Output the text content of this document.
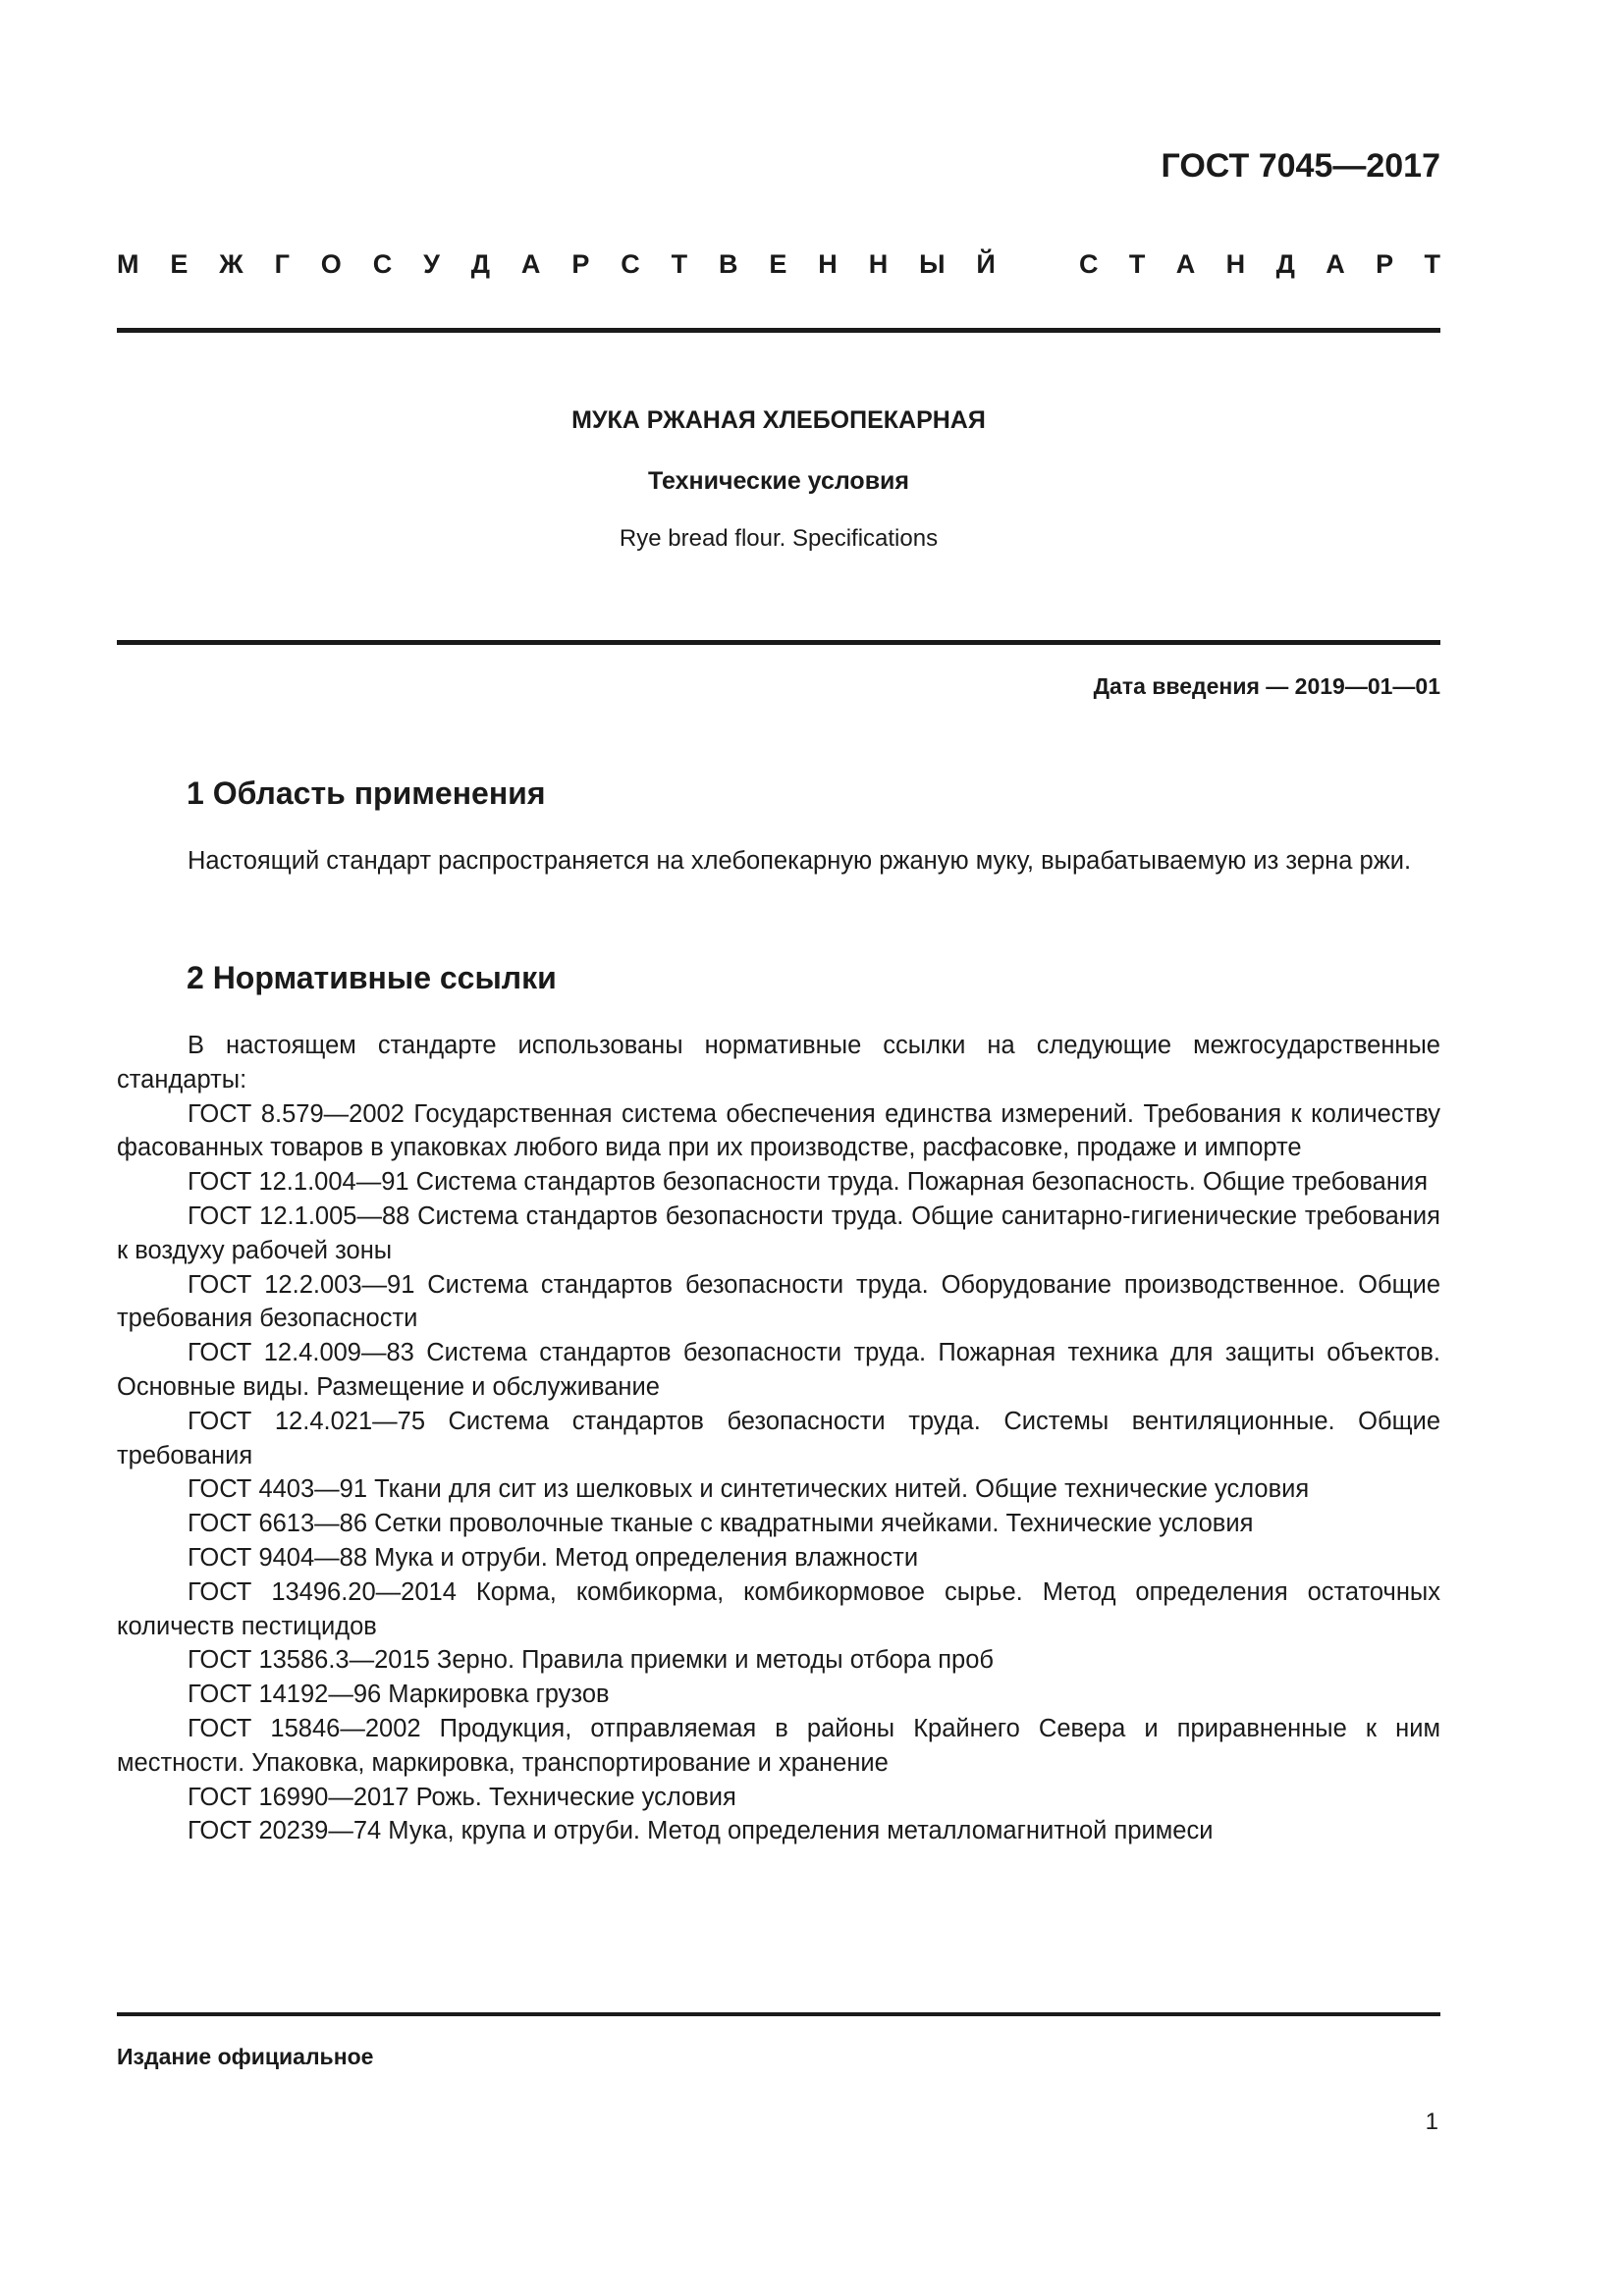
ГОСТ 7045—2017
М Е Ж Г О С У Д А Р С Т В Е Н Н Ы Й	С Т А Н Д А Р Т
МУКА РЖАНАЯ ХЛЕБОПЕКАРНАЯ
Технические условия
Rye bread flour. Specifications
Дата введения — 2019—01—01
1 Область применения

Настоящий стандарт распространяется на хлебопекарную ржаную муку, вырабатываемую из зерна ржи.

2 Нормативные ссылки

В настоящем стандарте использованы нормативные ссылки на следующие межгосударственные стандарты:

ГОСТ 8.579—2002 Государственная система обеспечения единства измерений. Требования к количеству фасованных товаров в упаковках любого вида при их производстве, расфасовке, продаже и импорте

ГОСТ 12.1.004—91 Система стандартов безопасности труда. Пожарная безопасность. Общие требования

ГОСТ 12.1.005—88 Система стандартов безопасности труда. Общие санитарно-гигиенические требования к воздуху рабочей зоны

ГОСТ 12.2.003—91 Система стандартов безопасности труда. Оборудование производственное. Общие требования безопасности

ГОСТ 12.4.009—83 Система стандартов безопасности труда. Пожарная техника для защиты объектов. Основные виды. Размещение и обслуживание

ГОСТ 12.4.021—75 Система стандартов безопасности труда. Системы вентиляционные. Общие требования

ГОСТ 4403—91 Ткани для сит из шелковых и синтетических нитей. Общие технические условия

ГОСТ 6613—86 Сетки проволочные тканые с квадратными ячейками. Технические условия

ГОСТ 9404—88 Мука и отруби. Метод определения влажности

ГОСТ 13496.20—2014 Корма, комбикорма, комбикормовое сырье. Метод определения остаточных количеств пестицидов

ГОСТ 13586.3—2015 Зерно. Правила приемки и методы отбора проб

ГОСТ 14192—96 Маркировка грузов

ГОСТ 15846—2002 Продукция, отправляемая в районы Крайнего Севера и приравненные к ним местности. Упаковка, маркировка, транспортирование и хранение

ГОСТ 16990—2017 Рожь. Технические условия

ГОСТ 20239—74 Мука, крупа и отруби. Метод определения металломагнитной примеси

Издание официальное
1
